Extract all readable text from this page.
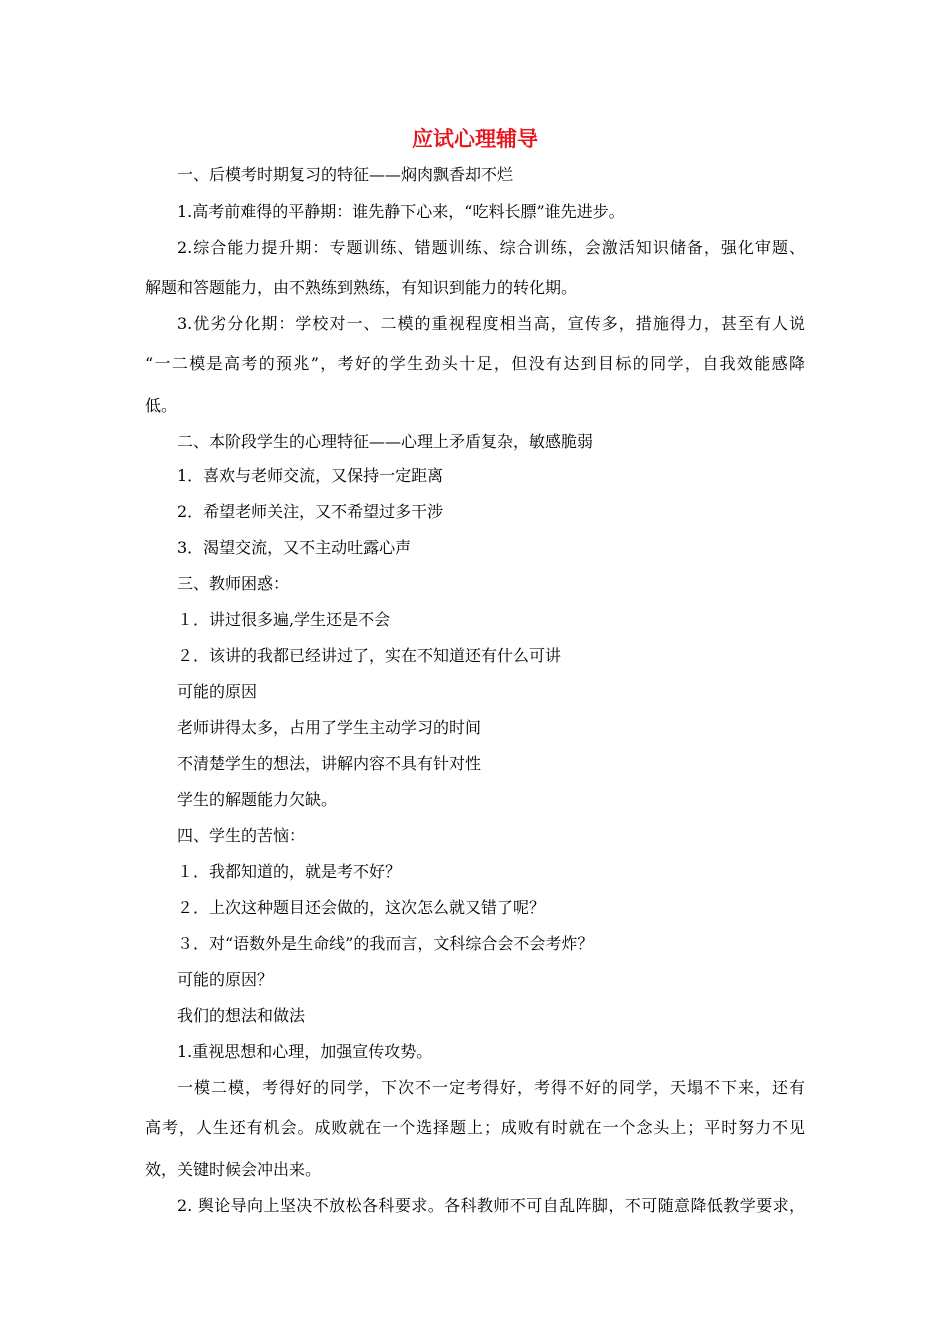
应试心理辅导
一、后模考时期复习的特征——焖肉飘香却不烂
1.高考前难得的平静期：谁先静下心来，“吃料长膘”谁先进步。
2.综合能力提升期：专题训练、错题训练、综合训练，会激活知识储备，强化审题、
解题和答题能力，由不熟练到熟练，有知识到能力的转化期。
3.优劣分化期：学校对一、二模的重视程度相当高，宣传多，措施得力，甚至有人说
“一二模是高考的预兆”，考好的学生劲头十足，但没有达到目标的同学，自我效能感降
低。
二、本阶段学生的心理特征——心理上矛盾复杂，敏感脆弱
1．喜欢与老师交流，又保持一定距离
2．希望老师关注，又不希望过多干涉
3．渴望交流，又不主动吐露心声
三、教师困惑：
１．讲过很多遍,学生还是不会
２．该讲的我都已经讲过了，实在不知道还有什么可讲
可能的原因
老师讲得太多，占用了学生主动学习的时间
不清楚学生的想法，讲解内容不具有针对性
学生的解题能力欠缺。
四、学生的苦恼：
１．我都知道的，就是考不好？
２．上次这种题目还会做的，这次怎么就又错了呢？
３．对“语数外是生命线”的我而言，文科综合会不会考炸？
可能的原因？
我们的想法和做法
1.重视思想和心理，加强宣传攻势。
一模二模，考得好的同学，下次不一定考得好，考得不好的同学，天塌不下来，还有
高考，人生还有机会。成败就在一个选择题上；成败有时就在一个念头上；平时努力不见
效，关键时候会冲出来。
2. 舆论导向上坚决不放松各科要求。各科教师不可自乱阵脚，不可随意降低教学要求，
